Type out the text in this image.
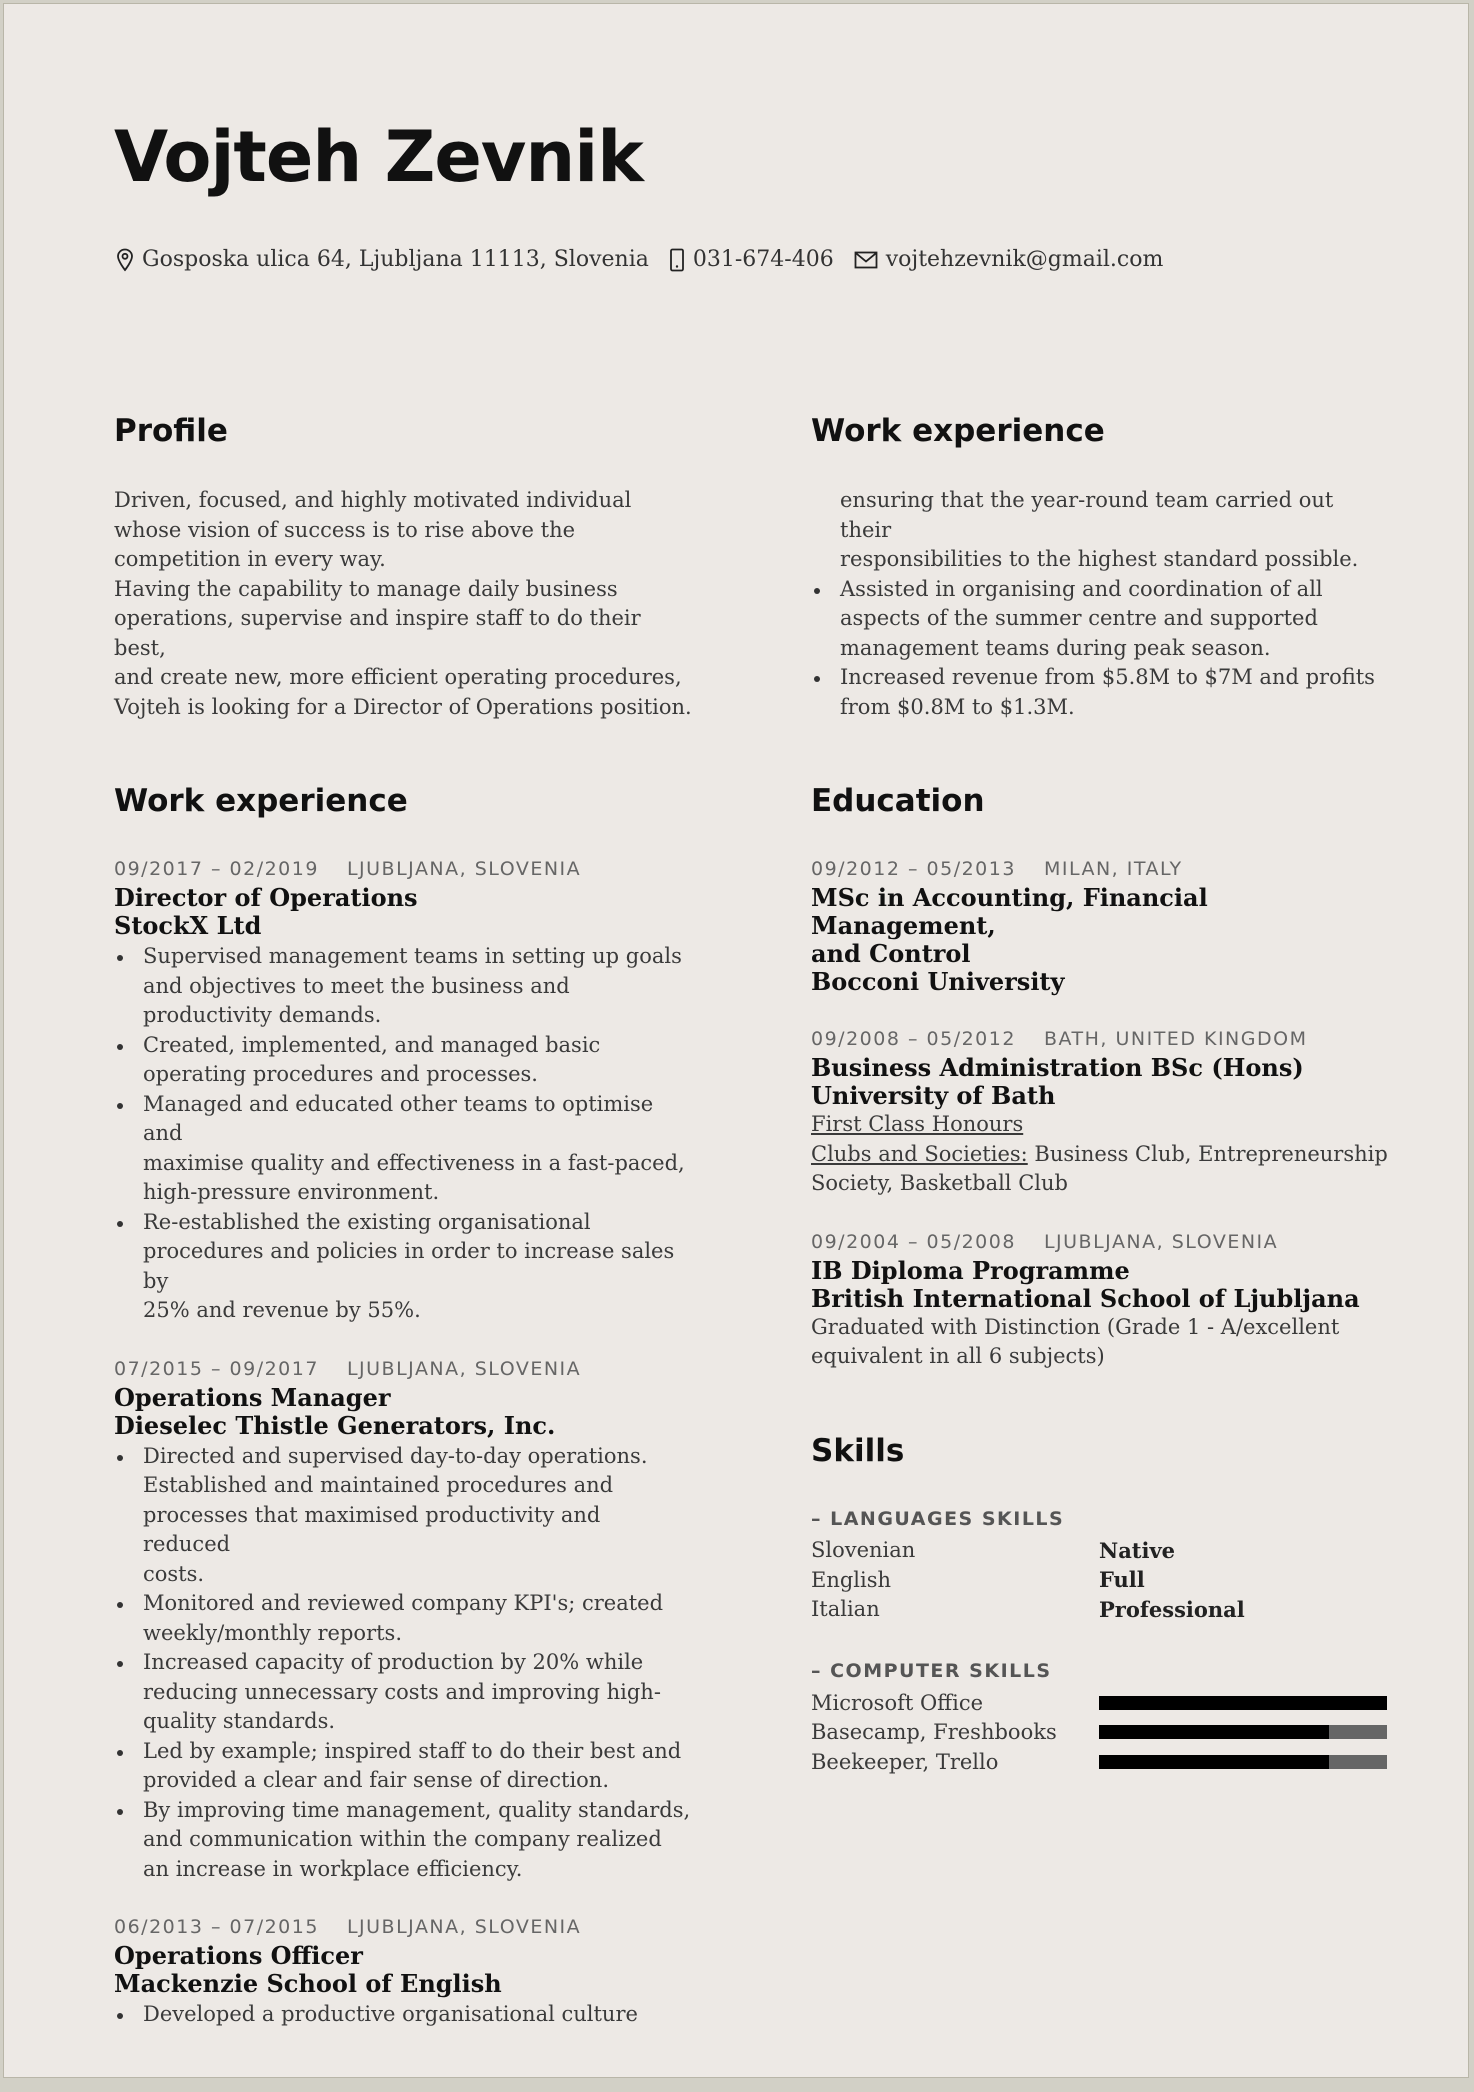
Vojteh Zevnik
Gosposka ulica 64, Ljubljana 11113, Slovenia 031-674-406 vojtehzevnik@gmail.com
Profile

Driven, focused, and highly motivated individual
whose vision of success is to rise above the
competition in every way.
Having the capability to manage daily business
operations, supervise and inspire staff to do their best,
and create new, more efficient operating procedures,
Vojteh is looking for a Director of Operations position.

Work experience
09/2017 – 02/2019 LJUBLJANA, SLOVENIA
Director of Operations
StockX Ltd
Supervised management teams in setting up goals
and objectives to meet the business and
productivity demands.
Created, implemented, and managed basic
operating procedures and processes.
Managed and educated other teams to optimise and
maximise quality and effectiveness in a fast-paced,
high-pressure environment.
Re-established the existing organisational
procedures and policies in order to increase sales by
25% and revenue by 55%.
07/2015 – 09/2017 LJUBLJANA, SLOVENIA
Operations Manager
Dieselec Thistle Generators, Inc.
Directed and supervised day-to-day operations.
Established and maintained procedures and
processes that maximised productivity and reduced
costs.
Monitored and reviewed company KPI's; created
weekly/monthly reports.
Increased capacity of production by 20% while
reducing unnecessary costs and improving high-
quality standards.
Led by example; inspired staff to do their best and
provided a clear and fair sense of direction.
By improving time management, quality standards,
and communication within the company realized
an increase in workplace efficiency.
06/2013 – 07/2015 LJUBLJANA, SLOVENIA
Operations Officer
Mackenzie School of English
Developed a productive organisational culture
Work experience
ensuring that the year-round team carried out their
responsibilities to the highest standard possible.
Assisted in organising and coordination of all
aspects of the summer centre and supported
management teams during peak season.
Increased revenue from $5.8M to $7M and profits
from $0.8M to $1.3M.
Education
09/2012 – 05/2013 MILAN, ITALY
MSc in Accounting, Financial Management,
and Control
Bocconi University
09/2008 – 05/2012 BATH, UNITED KINGDOM
Business Administration BSc (Hons)
University of Bath
First Class Honours
Clubs and Societies: Business Club, Entrepreneurship
Society, Basketball Club
09/2004 – 05/2008 LJUBLJANA, SLOVENIA
IB Diploma Programme
British International School of Ljubljana
Graduated with Distinction (Grade 1 - A/excellent
equivalent in all 6 subjects)
Skills
– LANGUAGES SKILLS
Slovenian	Native
English	Full
Italian	Professional
– COMPUTER SKILLS
Microsoft Office
Basecamp, Freshbooks
Beekeeper, Trello
